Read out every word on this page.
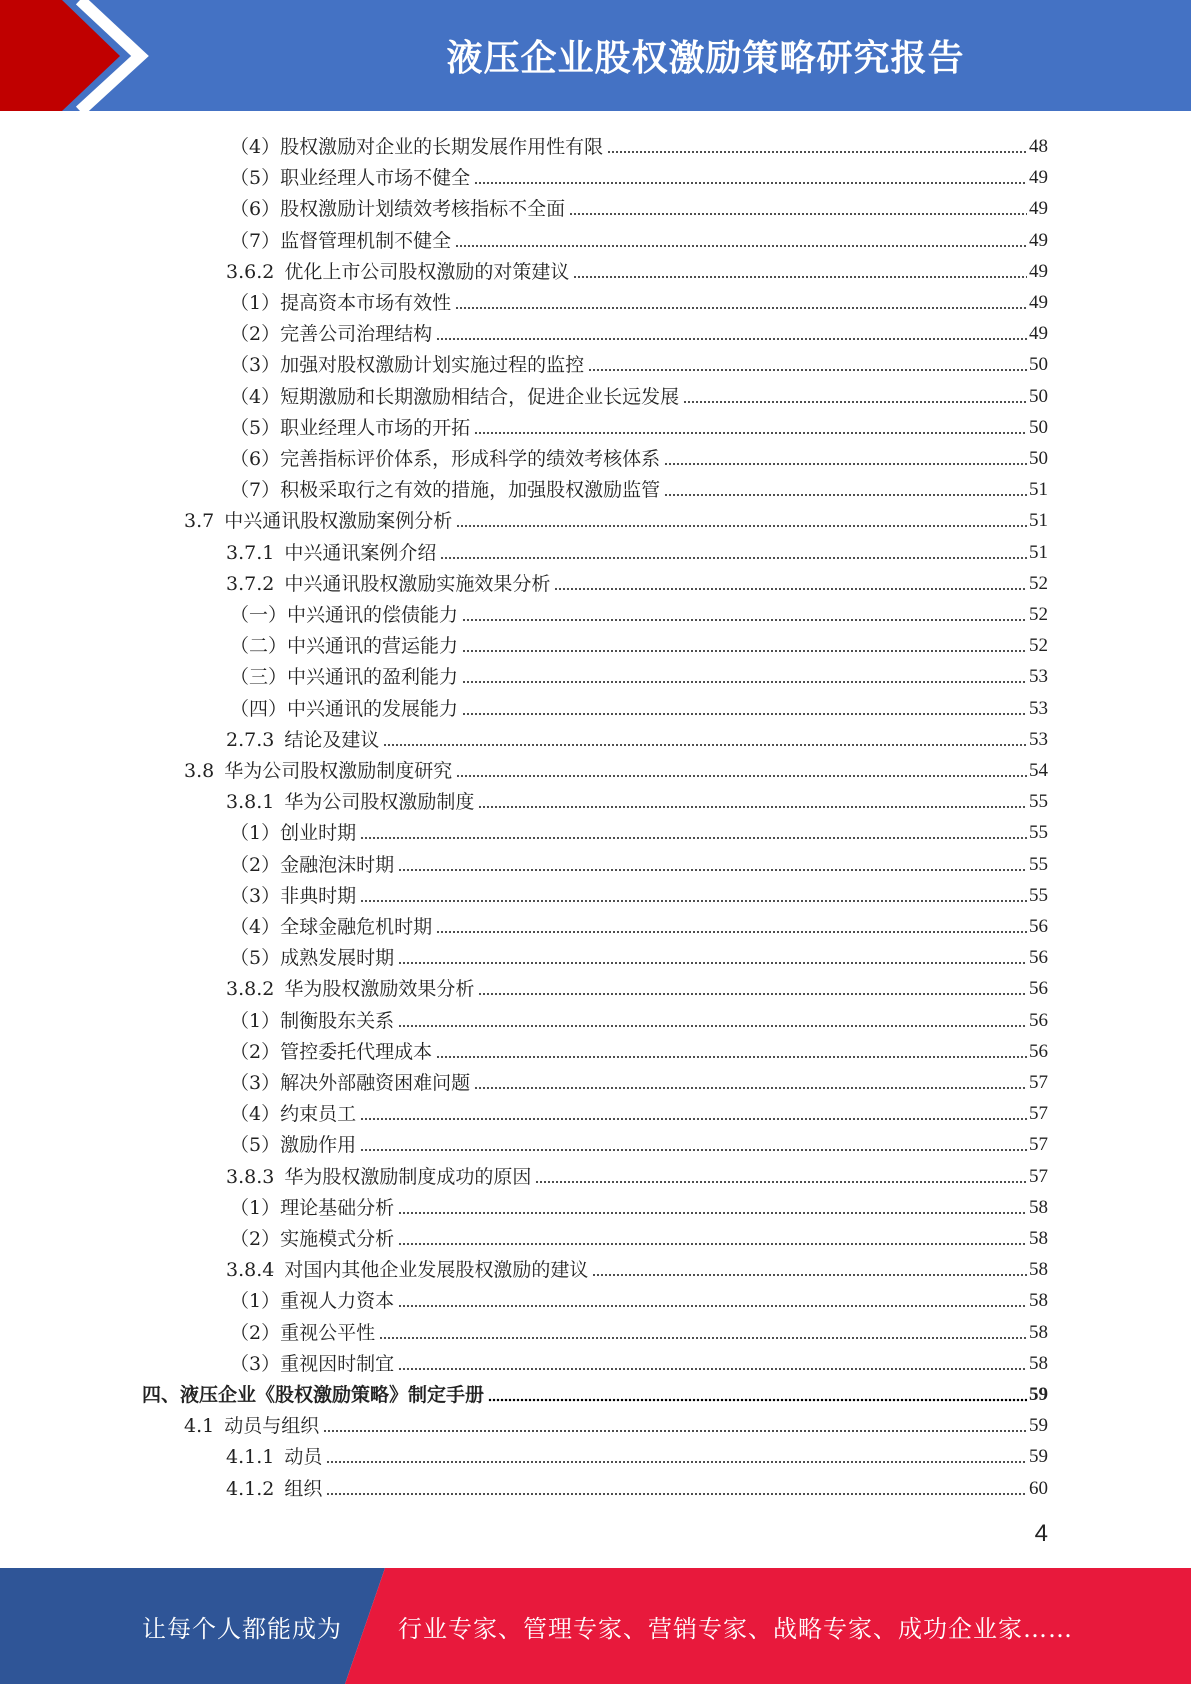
液压企业股权激励策略研究报告
（4）股权激励对企业的长期发展作用性有限	48
（5）职业经理人市场不健全	49
（6）股权激励计划绩效考核指标不全面	49
（7）监督管理机制不健全	49
3.6.2 优化上市公司股权激励的对策建议	49
（1）提高资本市场有效性	49
（2）完善公司治理结构	49
（3）加强对股权激励计划实施过程的监控	50
（4）短期激励和长期激励相结合，促进企业长远发展	50
（5）职业经理人市场的开拓	50
（6）完善指标评价体系，形成科学的绩效考核体系	50
（7）积极采取行之有效的措施，加强股权激励监管	51
3.7 中兴通讯股权激励案例分析	51
3.7.1 中兴通讯案例介绍	51
3.7.2 中兴通讯股权激励实施效果分析	52
（一）中兴通讯的偿债能力	52
（二）中兴通讯的营运能力	52
（三）中兴通讯的盈利能力	53
（四）中兴通讯的发展能力	53
2.7.3 结论及建议	53
3.8 华为公司股权激励制度研究	54
3.8.1 华为公司股权激励制度	55
（1）创业时期	55
（2）金融泡沫时期	55
（3）非典时期	55
（4）全球金融危机时期	56
（5）成熟发展时期	56
3.8.2 华为股权激励效果分析	56
（1）制衡股东关系	56
（2）管控委托代理成本	56
（3）解决外部融资困难问题	57
（4）约束员工	57
（5）激励作用	57
3.8.3 华为股权激励制度成功的原因	57
（1）理论基础分析	58
（2）实施模式分析	58
3.8.4 对国内其他企业发展股权激励的建议	58
（1）重视人力资本	58
（2）重视公平性	58
（3）重视因时制宜	58
四、液压企业《股权激励策略》制定手册	59
4.1 动员与组织	59
4.1.1 动员	59
4.1.2 组织	60
4
让每个人都能成为 行业专家、管理专家、营销专家、战略专家、成功企业家……
